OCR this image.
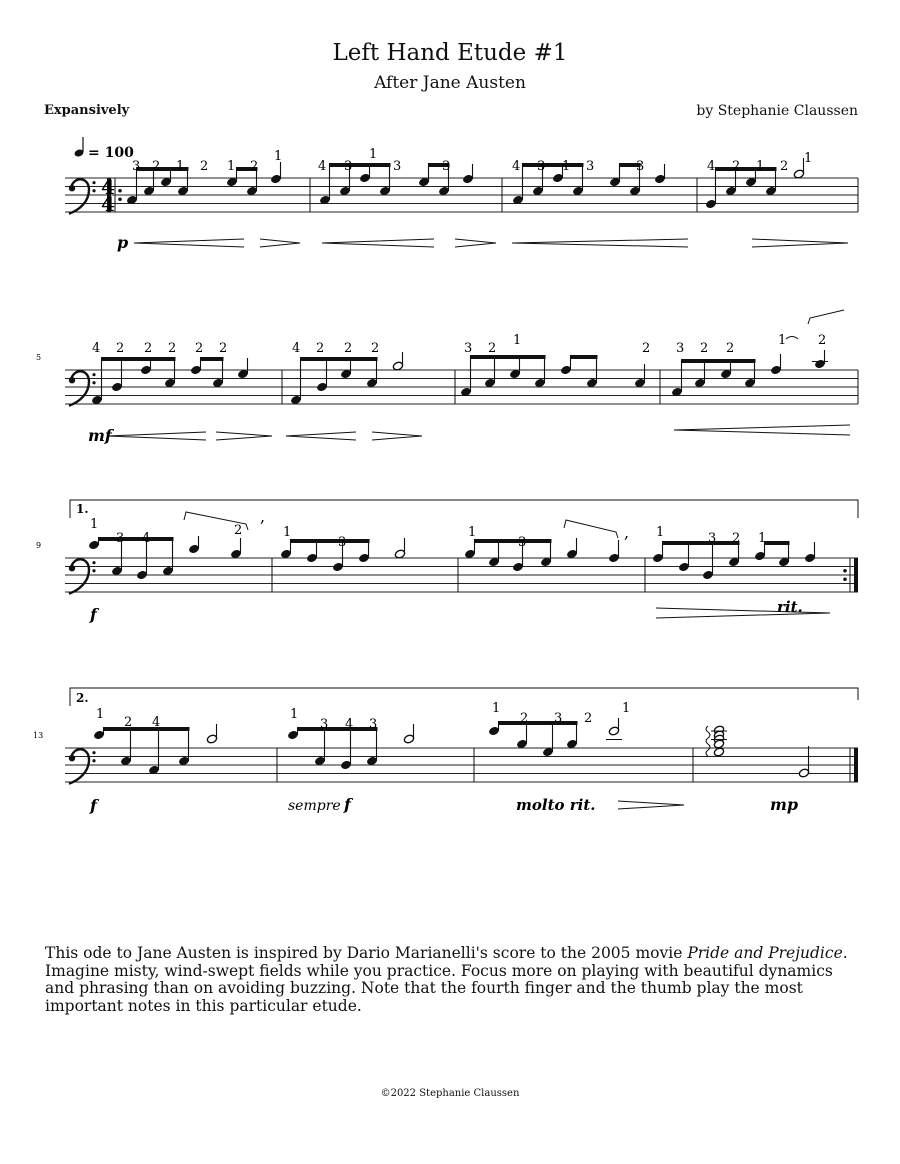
Left Hand Etude #1
After Jane Austen
Expansively	by Stephanie Claussen
4
4
,
,
3 2 1 2 1 2
1
4 3
1
3	3	4 3 1 3	3	4 2 1 2
1
4 2 2 2 2 2	4 2 2 2	3 2
1
2 3 2 2
1 2
1
3 4
2	1
3
1
3
1	3 2 1
1
2 4
1
3 4 3
1
2 3 2
1
= 100
5
9
13
1.
2.
p
mf
f
f	sempre f	molto rit.	mp
rit.
This ode to Jane Austen is inspired by Dario Marianelli's score to the 2005 movie Pride and Prejudice. Imagine misty, wind-swept fields while you practice. Focus more on playing with beautiful dynamics and phrasing than on avoiding buzzing. Note that the fourth finger and the thumb play the most important notes in this particular etude.
©2022 Stephanie Claussen
